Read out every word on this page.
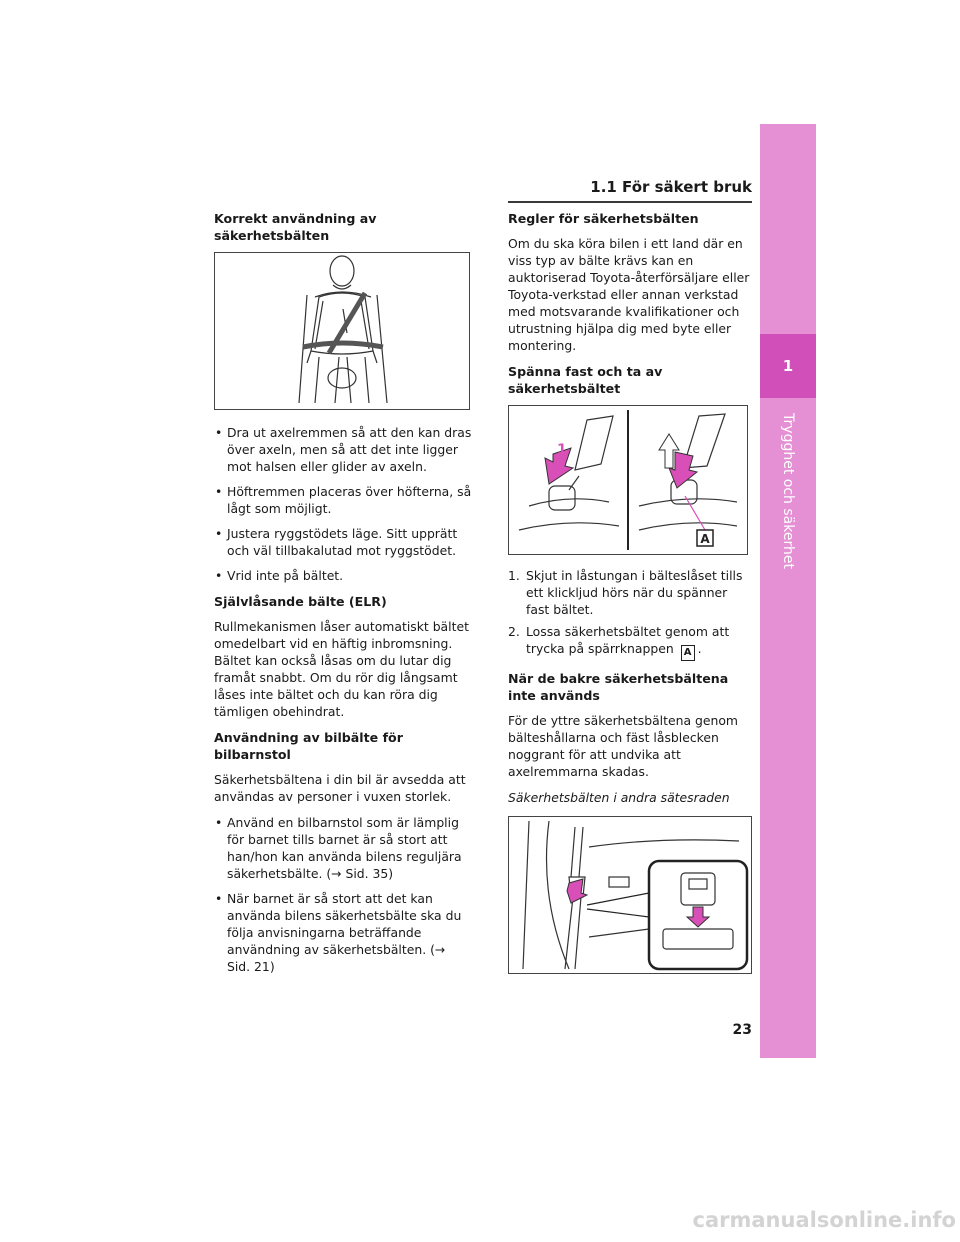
1.1 För säkert bruk
1
Trygghet och säkerhet
Korrekt användning av säkerhetsbälten
• Dra ut axelremmen så att den kan dras över axeln, men så att det inte ligger mot halsen eller glider av axeln.
• Höftremmen placeras över höfterna, så lågt som möjligt.
• Justera ryggstödets läge. Sitt upprätt och väl tillbakalutad mot ryggstödet.
• Vrid inte på bältet.
Självlåsande bälte (ELR)

Rullmekanismen låser automatiskt bältet omedelbart vid en häftig inbromsning. Bältet kan också låsas om du lutar dig framåt snabbt. Om du rör dig långsamt låses inte bältet och du kan röra dig tämligen obehindrat.

Användning av bilbälte för bilbarnstol

Säkerhetsbältena i din bil är avsedda att användas av personer i vuxen storlek.

• Använd en bilbarnstol som är lämplig för barnet tills barnet är så stort att han/hon kan använda bilens reguljära säkerhetsbälte. (→ Sid. 35)
• När barnet är så stort att det kan använda bilens säkerhetsbälte ska du följa anvisningarna beträffande användning av säkerhetsbälten. (→ Sid. 21)
Regler för säkerhetsbälten

Om du ska köra bilen i ett land där en viss typ av bälte krävs kan en auktoriserad Toyota-återförsäljare eller Toyota-verkstad eller annan verkstad med motsvarande kvalifikationer och utrustning hjälpa dig med byte eller montering.

Spänna fast och ta av säkerhetsbältet
1
2
A
1. Skjut in låstungan i bälteslåset tills ett klickljud hörs när du spänner fast bältet.
2. Lossa säkerhetsbältet genom att trycka på spärrknappen A .
När de bakre säkerhetsbältena inte används

För de yttre säkerhetsbältena genom bälteshållarna och fäst låsblecken noggrant för att undvika att axelremmarna skadas.

Säkerhetsbälten i andra sätesraden

23
carmanualsonline.info
